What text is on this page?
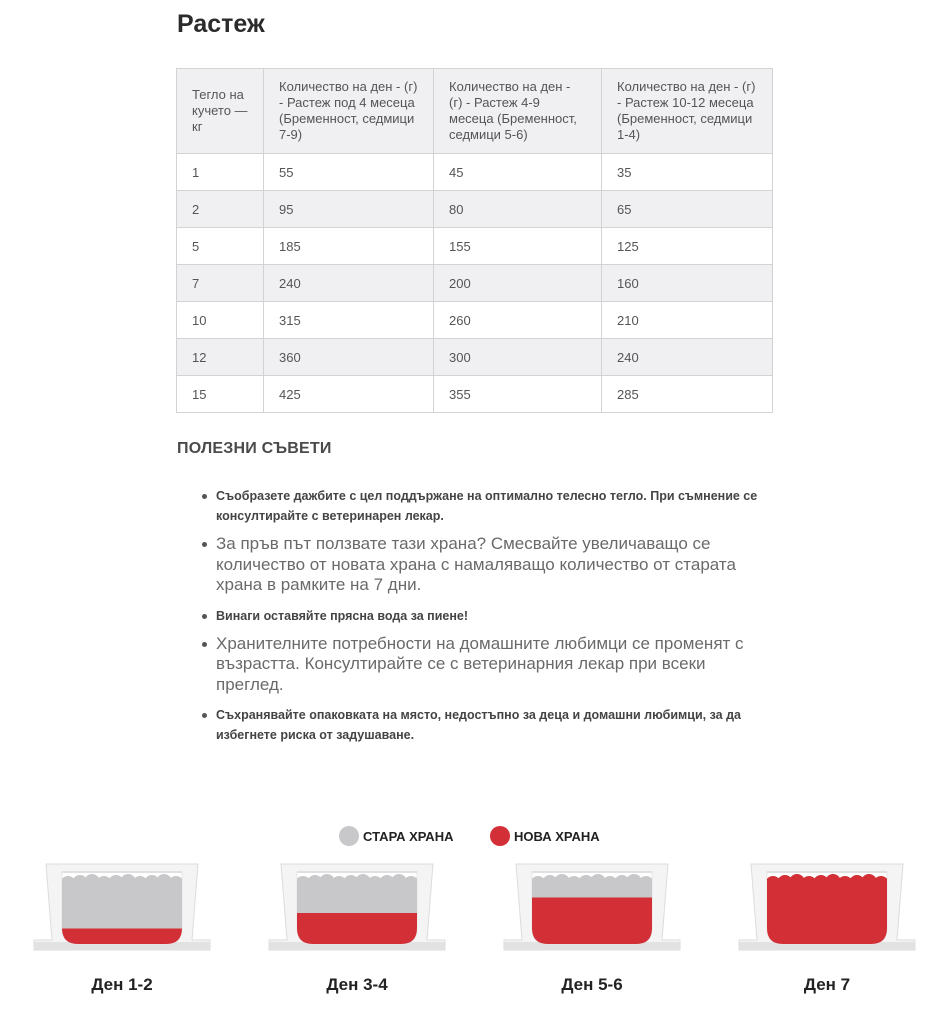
Растеж
Тегло на кучето — кг	Количество на ден - (г) - Растеж под 4 месеца (Бременност, седмици 7-9)	Количество на ден - (г) - Растеж 4-9 месеца (Бременност, седмици 5-6)	Количество на ден - (г) - Растеж 10-12 месеца (Бременност, седмици 1-4)
1	55	45	35
2	95	80	65
5	185	155	125
7	240	200	160
10	315	260	210
12	360	300	240
15	425	355	285
ПОЛЕЗНИ СЪВЕТИ
Съобразете дажбите с цел поддържане на оптимално телесно тегло. При съмнение се консултирайте с ветеринарен лекар.
За пръв път ползвате тази храна? Смесвайте увеличаващо се количество от новата храна с намаляващо количество от старата храна в рамките на 7 дни.
Винаги оставяйте прясна вода за пиене!
Хранителните потребности на домашните любимци се променят с възрастта. Консултирайте се с ветеринарния лекар при всеки преглед.
Съхранявайте опаковката на място, недостъпно за деца и домашни любимци, за да избегнете риска от задушаване.
СТАРА ХРАНА	НОВА ХРАНА
Ден 1-2	Ден 3-4	Ден 5-6	Ден 7
